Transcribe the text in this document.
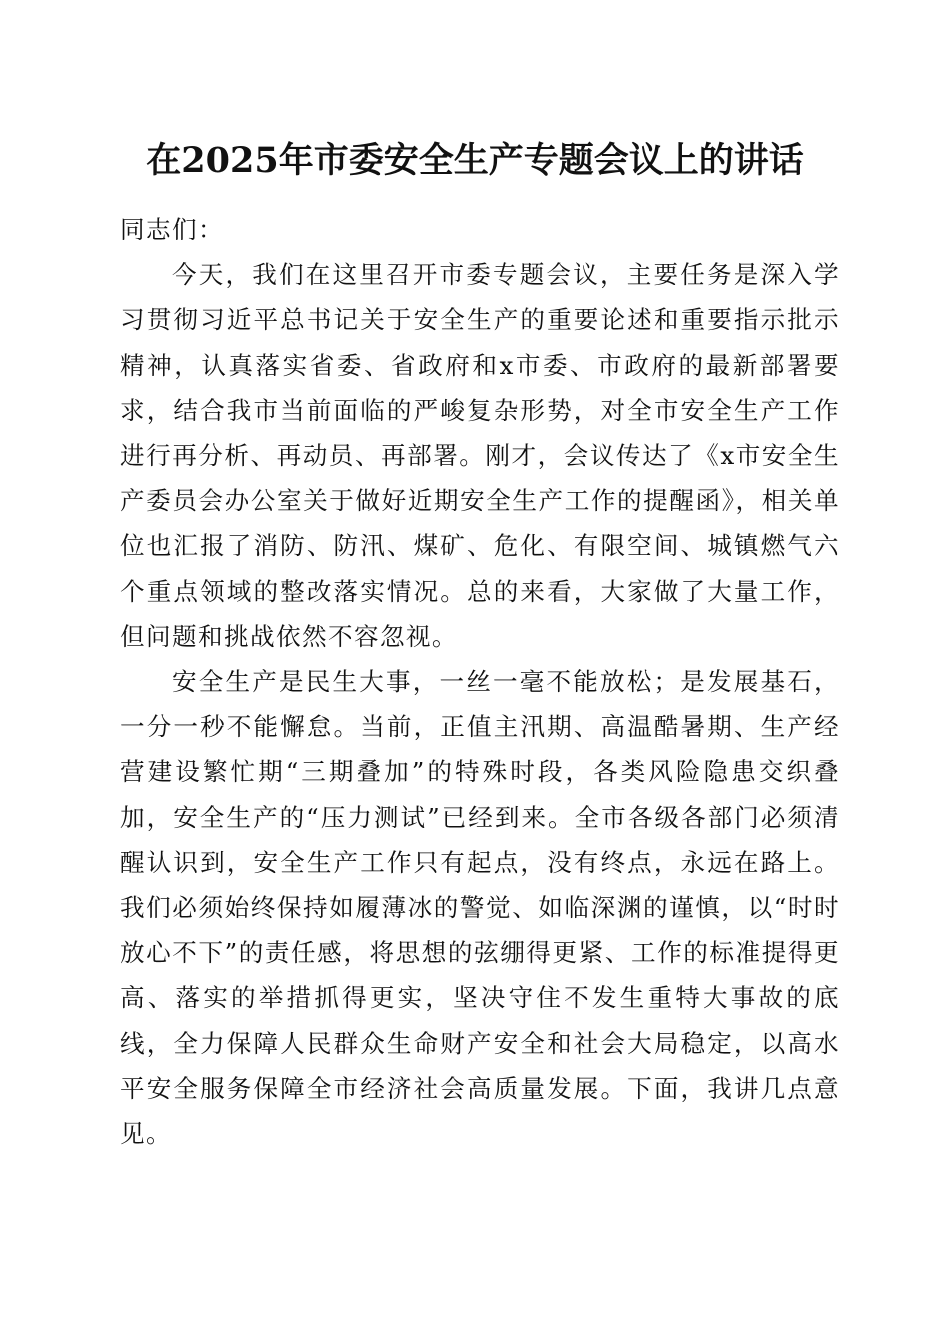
在2025年市委安全生产专题会议上的讲话

同志们：

今天，我们在这里召开市委专题会议，主要任务是深入学习贯彻习近平总书记关于安全生产的重要论述和重要指示批示精神，认真落实省委、省政府和x市委、市政府的最新部署要求，结合我市当前面临的严峻复杂形势，对全市安全生产工作进行再分析、再动员、再部署。刚才，会议传达了《x市安全生产委员会办公室关于做好近期安全生产工作的提醒函》，相关单位也汇报了消防、防汛、煤矿、危化、有限空间、城镇燃气六个重点领域的整改落实情况。总的来看，大家做了大量工作，但问题和挑战依然不容忽视。

安全生产是民生大事，一丝一毫不能放松；是发展基石，一分一秒不能懈怠。当前，正值主汛期、高温酷暑期、生产经营建设繁忙期“三期叠加”的特殊时段，各类风险隐患交织叠加，安全生产的“压力测试”已经到来。全市各级各部门必须清醒认识到，安全生产工作只有起点，没有终点，永远在路上。我们必须始终保持如履薄冰的警觉、如临深渊的谨慎，以“时时放心不下”的责任感，将思想的弦绷得更紧、工作的标准提得更高、落实的举措抓得更实，坚决守住不发生重特大事故的底线，全力保障人民群众生命财产安全和社会大局稳定，以高水平安全服务保障全市经济社会高质量发展。下面，我讲几点意见。
